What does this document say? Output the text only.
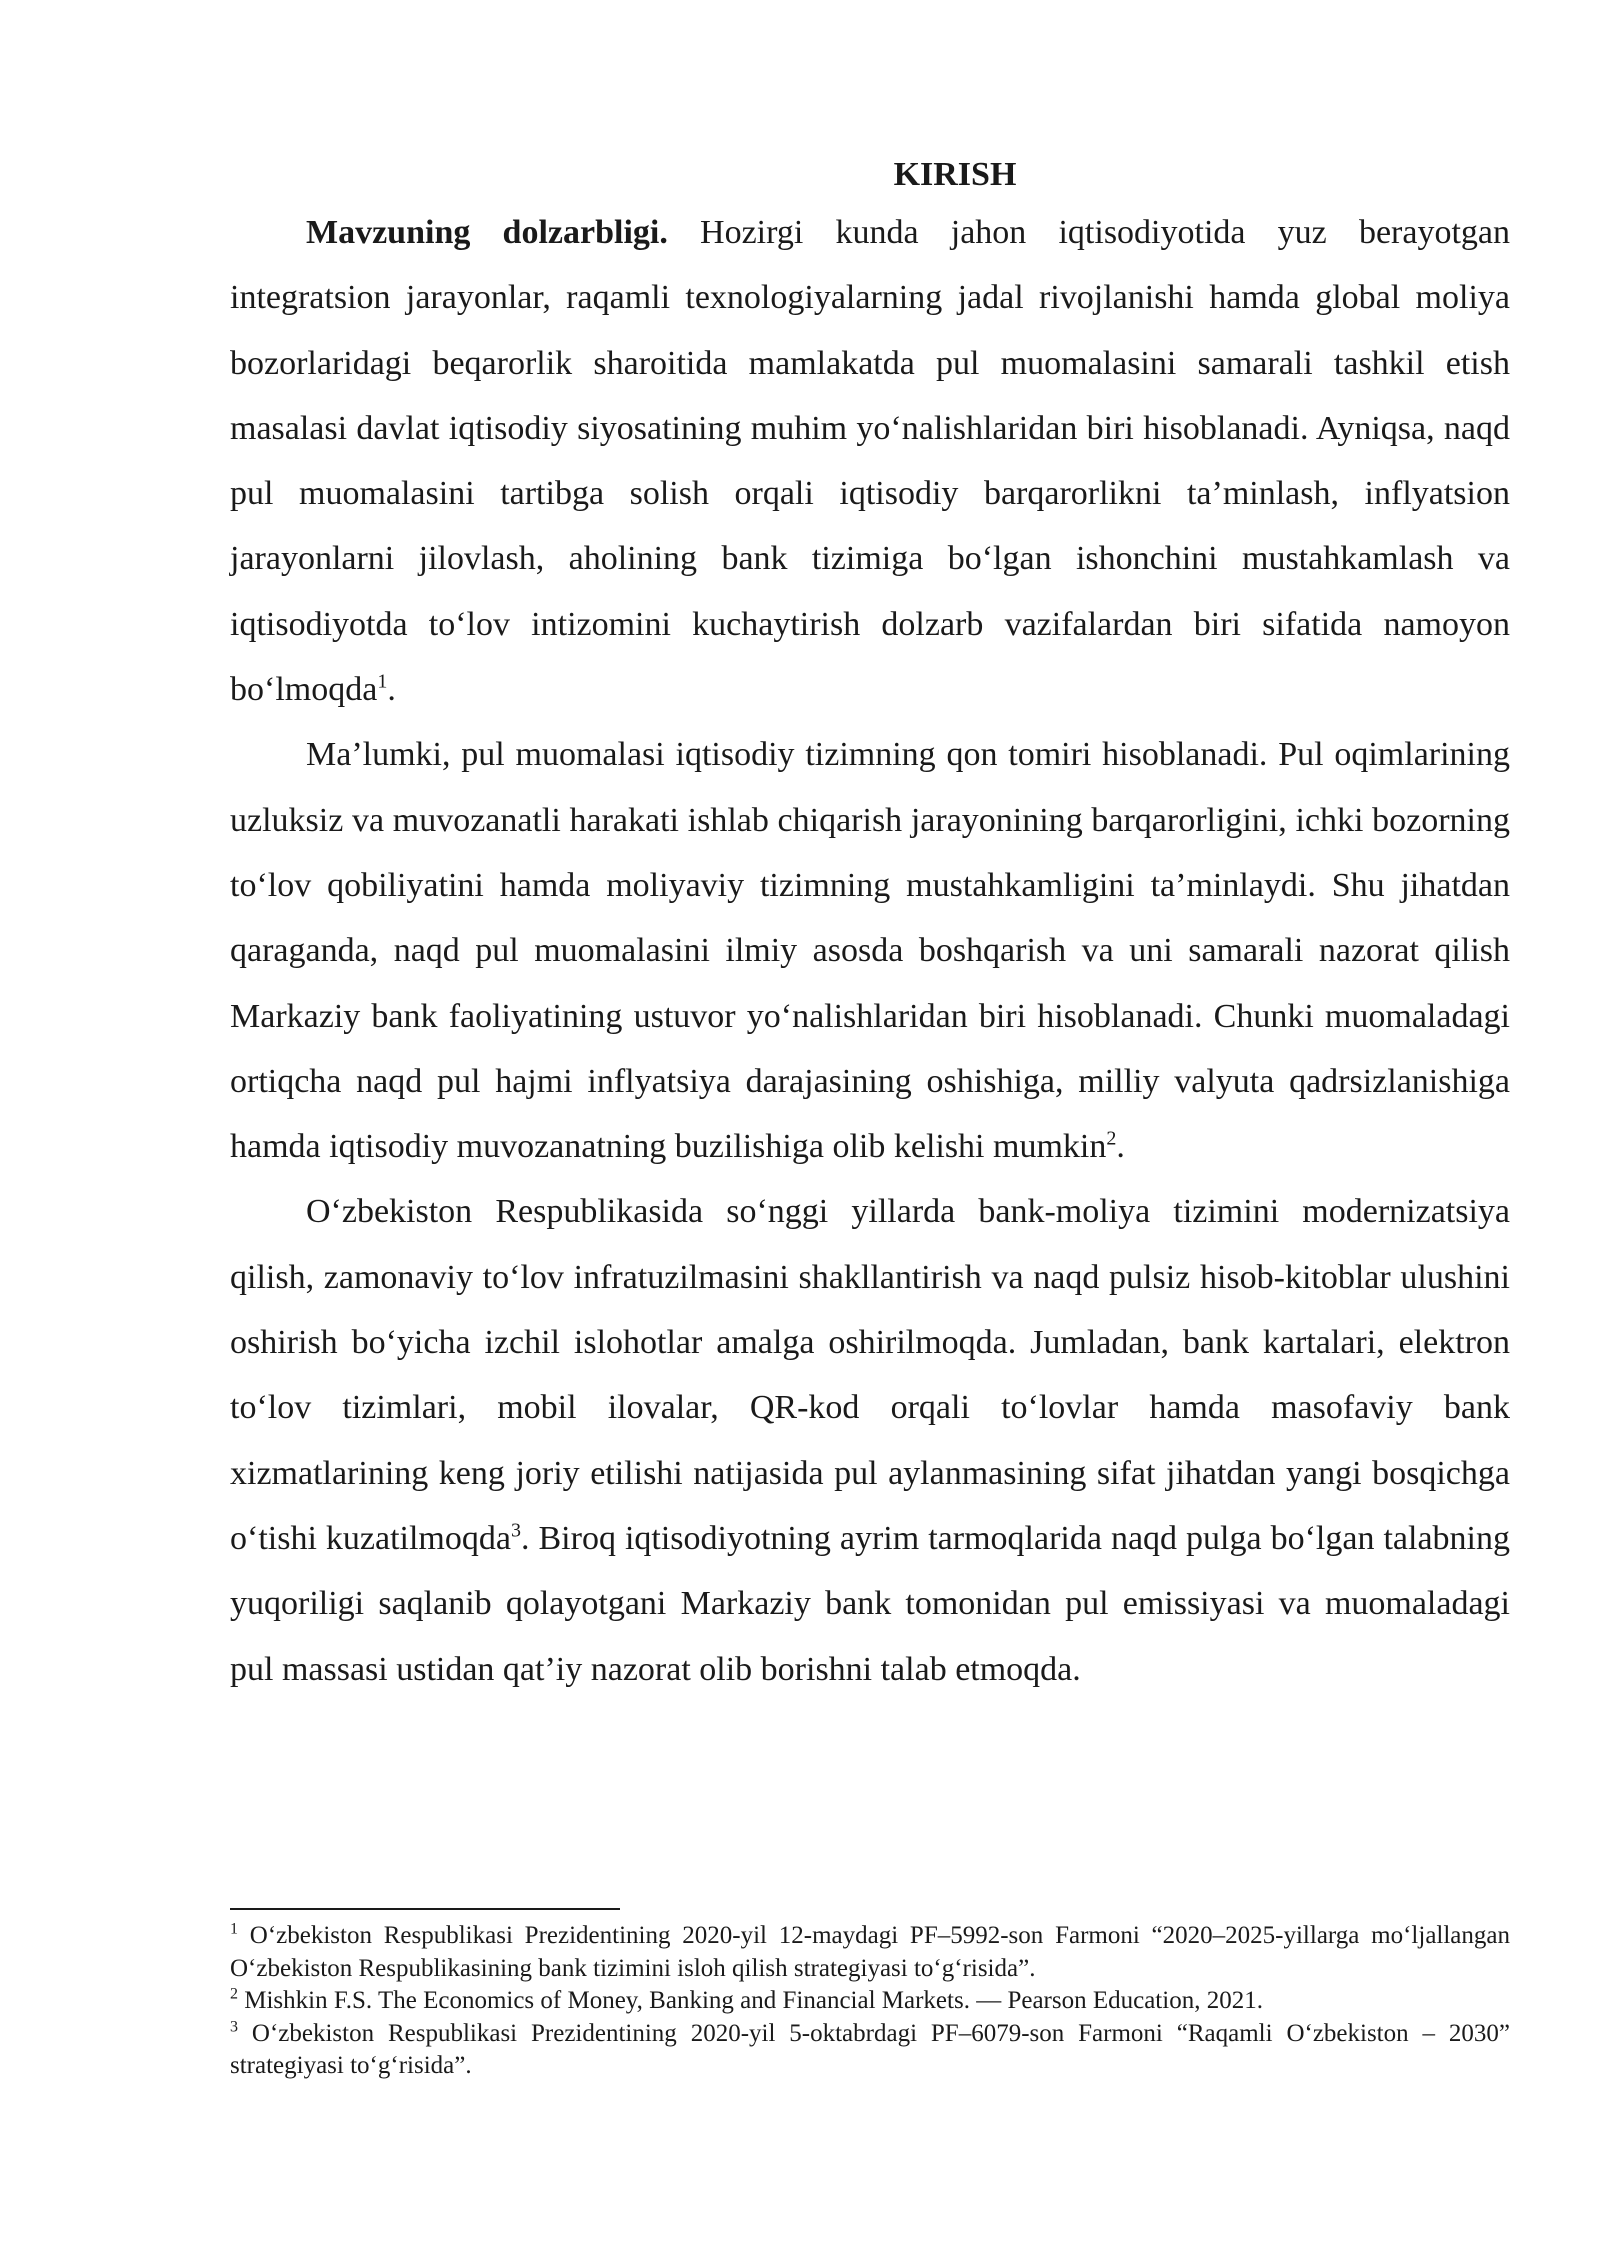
KIRISH

Mavzuning dolzarbligi. Hozirgi kunda jahon iqtisodiyotida yuz berayotgan integratsion jarayonlar, raqamli texnologiyalarning jadal rivojlanishi hamda global moliya bozorlaridagi beqarorlik sharoitida mamlakatda pul muomalasini samarali tashkil etish masalasi davlat iqtisodiy siyosatining muhim yo‘nalishlaridan biri hisoblanadi. Ayniqsa, naqd pul muomalasini tartibga solish orqali iqtisodiy barqarorlikni ta’minlash, inflyatsion jarayonlarni jilovlash, aholining bank tizimiga bo‘lgan ishonchini mustahkamlash va iqtisodiyotda to‘lov intizomini kuchaytirish dolzarb vazifalardan biri sifatida namoyon bo‘lmoqda$^1$.

Ma’lumki, pul muomalasi iqtisodiy tizimning qon tomiri hisoblanadi. Pul oqimlarining uzluksiz va muvozanatli harakati ishlab chiqarish jarayonining barqarorligini, ichki bozorning to‘lov qobiliyatini hamda moliyaviy tizimning mustahkamligini ta’minlaydi. Shu jihatdan qaraganda, naqd pul muomalasini ilmiy asosda boshqarish va uni samarali nazorat qilish Markaziy bank faoliyatining ustuvor yo‘nalishlaridan biri hisoblanadi. Chunki muomaladagi ortiqcha naqd pul hajmi inflyatsiya darajasining oshishiga, milliy valyuta qadrsizlanishiga hamda iqtisodiy muvozanatning buzilishiga olib kelishi mumkin$^2$.

O‘zbekiston Respublikasida so‘nggi yillarda bank-moliya tizimini modernizatsiya qilish, zamonaviy to‘lov infratuzilmasini shakllantirish va naqd pulsiz hisob-kitoblar ulushini oshirish bo‘yicha izchil islohotlar amalga oshirilmoqda. Jumladan, bank kartalari, elektron to‘lov tizimlari, mobil ilovalar, QR-kod orqali to‘lovlar hamda masofaviy bank xizmatlarining keng joriy etilishi natijasida pul aylanmasining sifat jihatdan yangi bosqichga o‘tishi kuzatilmoqda$^3$. Biroq iqtisodiyotning ayrim tarmoqlarida naqd pulga bo‘lgan talabning yuqoriligi saqlanib qolayotgani Markaziy bank tomonidan pul emissiyasi va muomaladagi pul massasi ustidan qat’iy nazorat olib borishni talab etmoqda.

$^1$ O‘zbekiston Respublikasi Prezidentining 2020-yil 12-maydagi PF–5992-son Farmoni “2020–2025-yillarga mo‘ljallangan O‘zbekiston Respublikasining bank tizimini isloh qilish strategiyasi to‘g‘risida”.

$^2$ Mishkin F.S. The Economics of Money, Banking and Financial Markets. — Pearson Education, 2021.

$^3$ O‘zbekiston Respublikasi Prezidentining 2020-yil 5-oktabrdagi PF–6079-son Farmoni “Raqamli O‘zbekiston – 2030” strategiyasi to‘g‘risida”.
